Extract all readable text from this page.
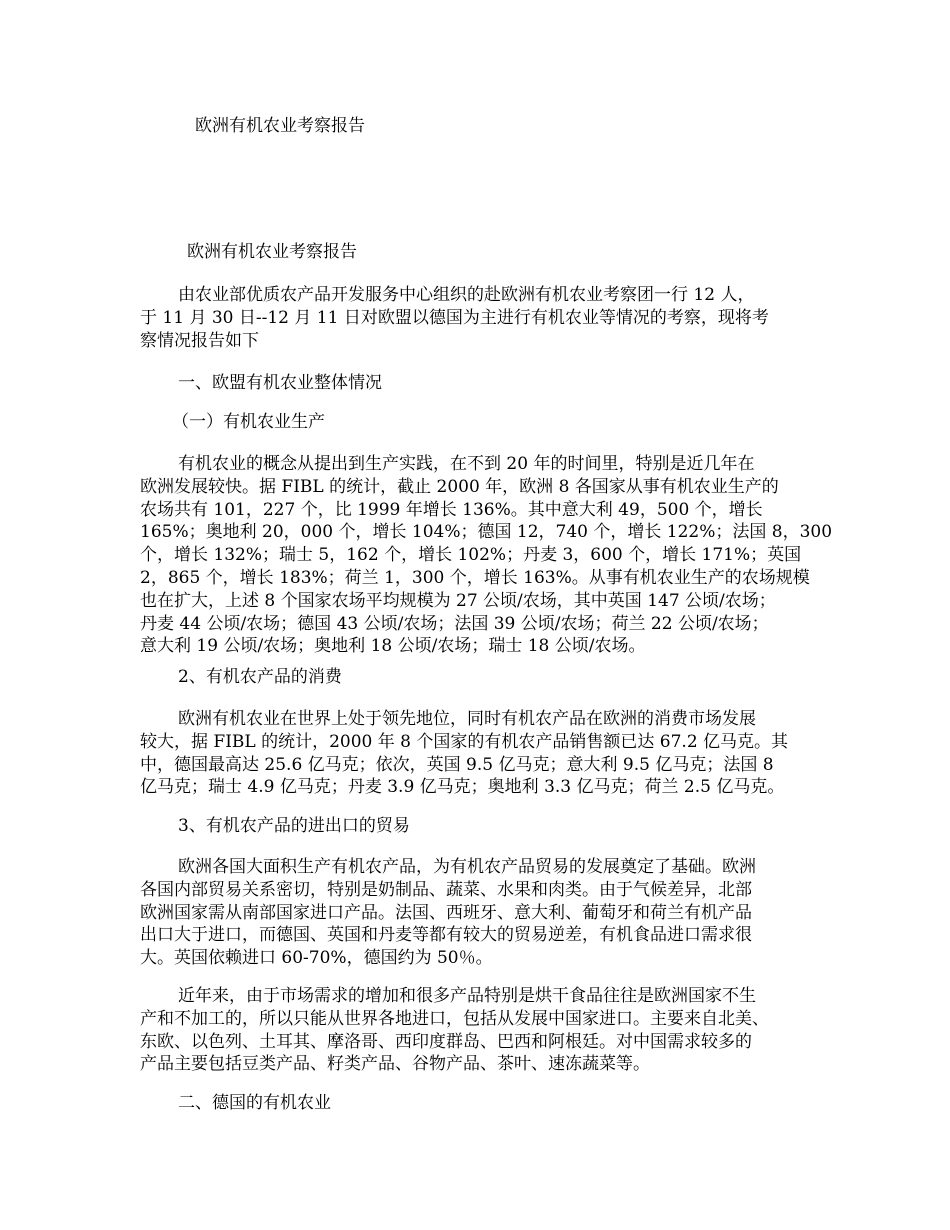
欧洲有机农业考察报告
欧洲有机农业考察报告
由农业部优质农产品开发服务中心组织的赴欧洲有机农业考察团一行 12 人，
于 11 月 30 日--12 月 11 日对欧盟以德国为主进行有机农业等情况的考察，现将考
察情况报告如下
一、欧盟有机农业整体情况
（一）有机农业生产
有机农业的概念从提出到生产实践，在不到 20 年的时间里，特别是近几年在
欧洲发展较快。据 FIBL 的统计，截止 2000 年，欧洲 8 各国家从事有机农业生产的
农场共有 101，227 个，比 1999 年增长 136%。其中意大利 49，500 个，增长
165%；奥地利 20，000 个，增长 104%；德国 12，740 个，增长 122%；法国 8，300
个，增长 132%；瑞士 5，162 个，增长 102%；丹麦 3，600 个，增长 171%；英国
2，865 个，增长 183%；荷兰 1，300 个，增长 163%。从事有机农业生产的农场规模
也在扩大，上述 8 个国家农场平均规模为 27 公顷/农场，其中英国 147 公顷/农场；
丹麦 44 公顷/农场；德国 43 公顷/农场；法国 39 公顷/农场；荷兰 22 公顷/农场；
意大利 19 公顷/农场；奥地利 18 公顷/农场；瑞士 18 公顷/农场。
2、有机农产品的消费
欧洲有机农业在世界上处于领先地位，同时有机农产品在欧洲的消费市场发展
较大，据 FIBL 的统计，2000 年 8 个国家的有机农产品销售额已达 67.2 亿马克。其
中，德国最高达 25.6 亿马克；依次，英国 9.5 亿马克；意大利 9.5 亿马克；法国 8
亿马克；瑞士 4.9 亿马克；丹麦 3.9 亿马克；奥地利 3.3 亿马克；荷兰 2.5 亿马克。
3、有机农产品的进出口的贸易
欧洲各国大面积生产有机农产品，为有机农产品贸易的发展奠定了基础。欧洲
各国内部贸易关系密切，特别是奶制品、蔬菜、水果和肉类。由于气候差异，北部
欧洲国家需从南部国家进口产品。法国、西班牙、意大利、葡萄牙和荷兰有机产品
出口大于进口，而德国、英国和丹麦等都有较大的贸易逆差，有机食品进口需求很
大。英国依赖进口 60-70%，德国约为 50％。
近年来，由于市场需求的增加和很多产品特别是烘干食品往往是欧洲国家不生
产和不加工的，所以只能从世界各地进口，包括从发展中国家进口。主要来自北美、
东欧、以色列、土耳其、摩洛哥、西印度群岛、巴西和阿根廷。对中国需求较多的
产品主要包括豆类产品、籽类产品、谷物产品、茶叶、速冻蔬菜等。
二、德国的有机农业
